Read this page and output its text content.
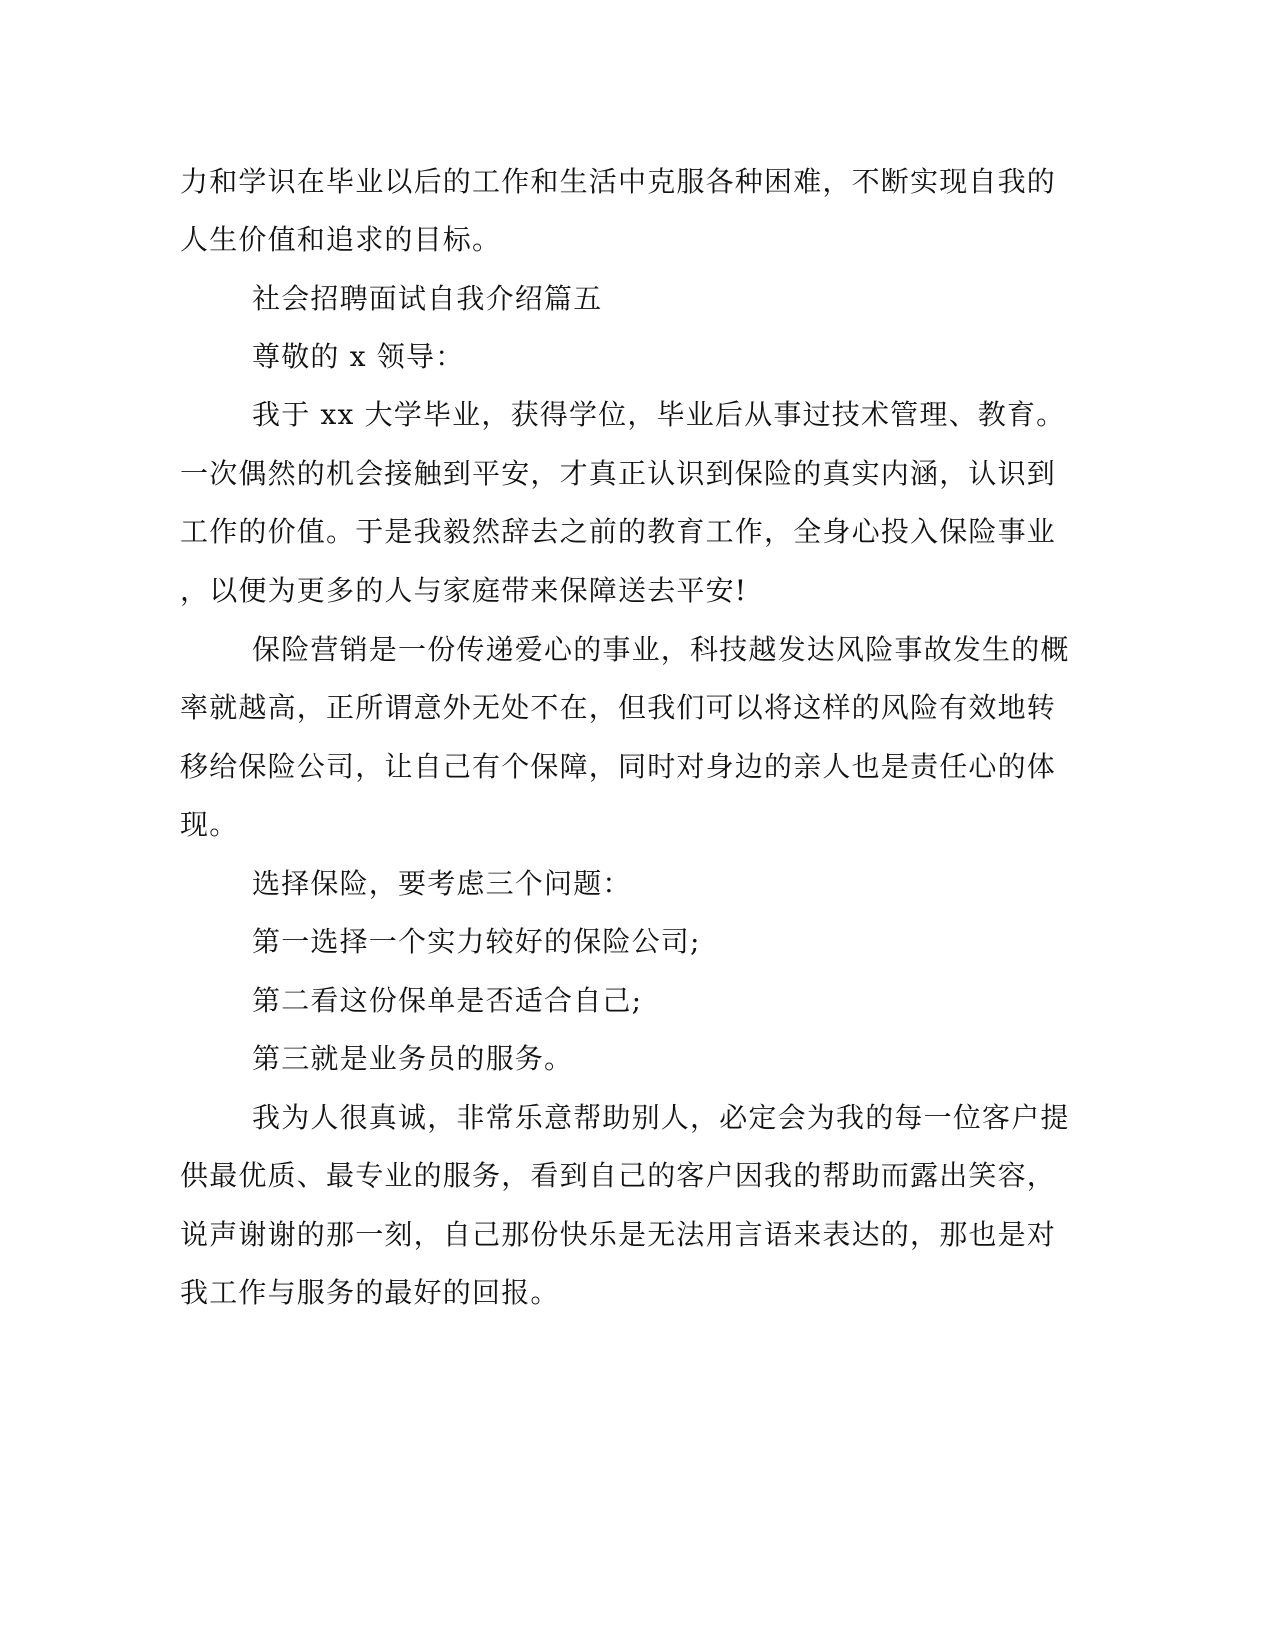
力和学识在毕业以后的工作和生活中克服各种困难，不断实现自我的
人生价值和追求的目标。
社会招聘面试自我介绍篇五
尊敬的 x 领导：
我于 xx 大学毕业，获得学位，毕业后从事过技术管理、教育。
一次偶然的机会接触到平安，才真正认识到保险的真实内涵，认识到
工作的价值。于是我毅然辞去之前的教育工作，全身心投入保险事业
，以便为更多的人与家庭带来保障送去平安!
保险营销是一份传递爱心的事业，科技越发达风险事故发生的概
率就越高，正所谓意外无处不在，但我们可以将这样的风险有效地转
移给保险公司，让自己有个保障，同时对身边的亲人也是责任心的体
现。
选择保险，要考虑三个问题：
第一选择一个实力较好的保险公司;
第二看这份保单是否适合自己;
第三就是业务员的服务。
我为人很真诚，非常乐意帮助别人，必定会为我的每一位客户提
供最优质、最专业的服务，看到自己的客户因我的帮助而露出笑容，
说声谢谢的那一刻，自己那份快乐是无法用言语来表达的，那也是对
我工作与服务的最好的回报。
